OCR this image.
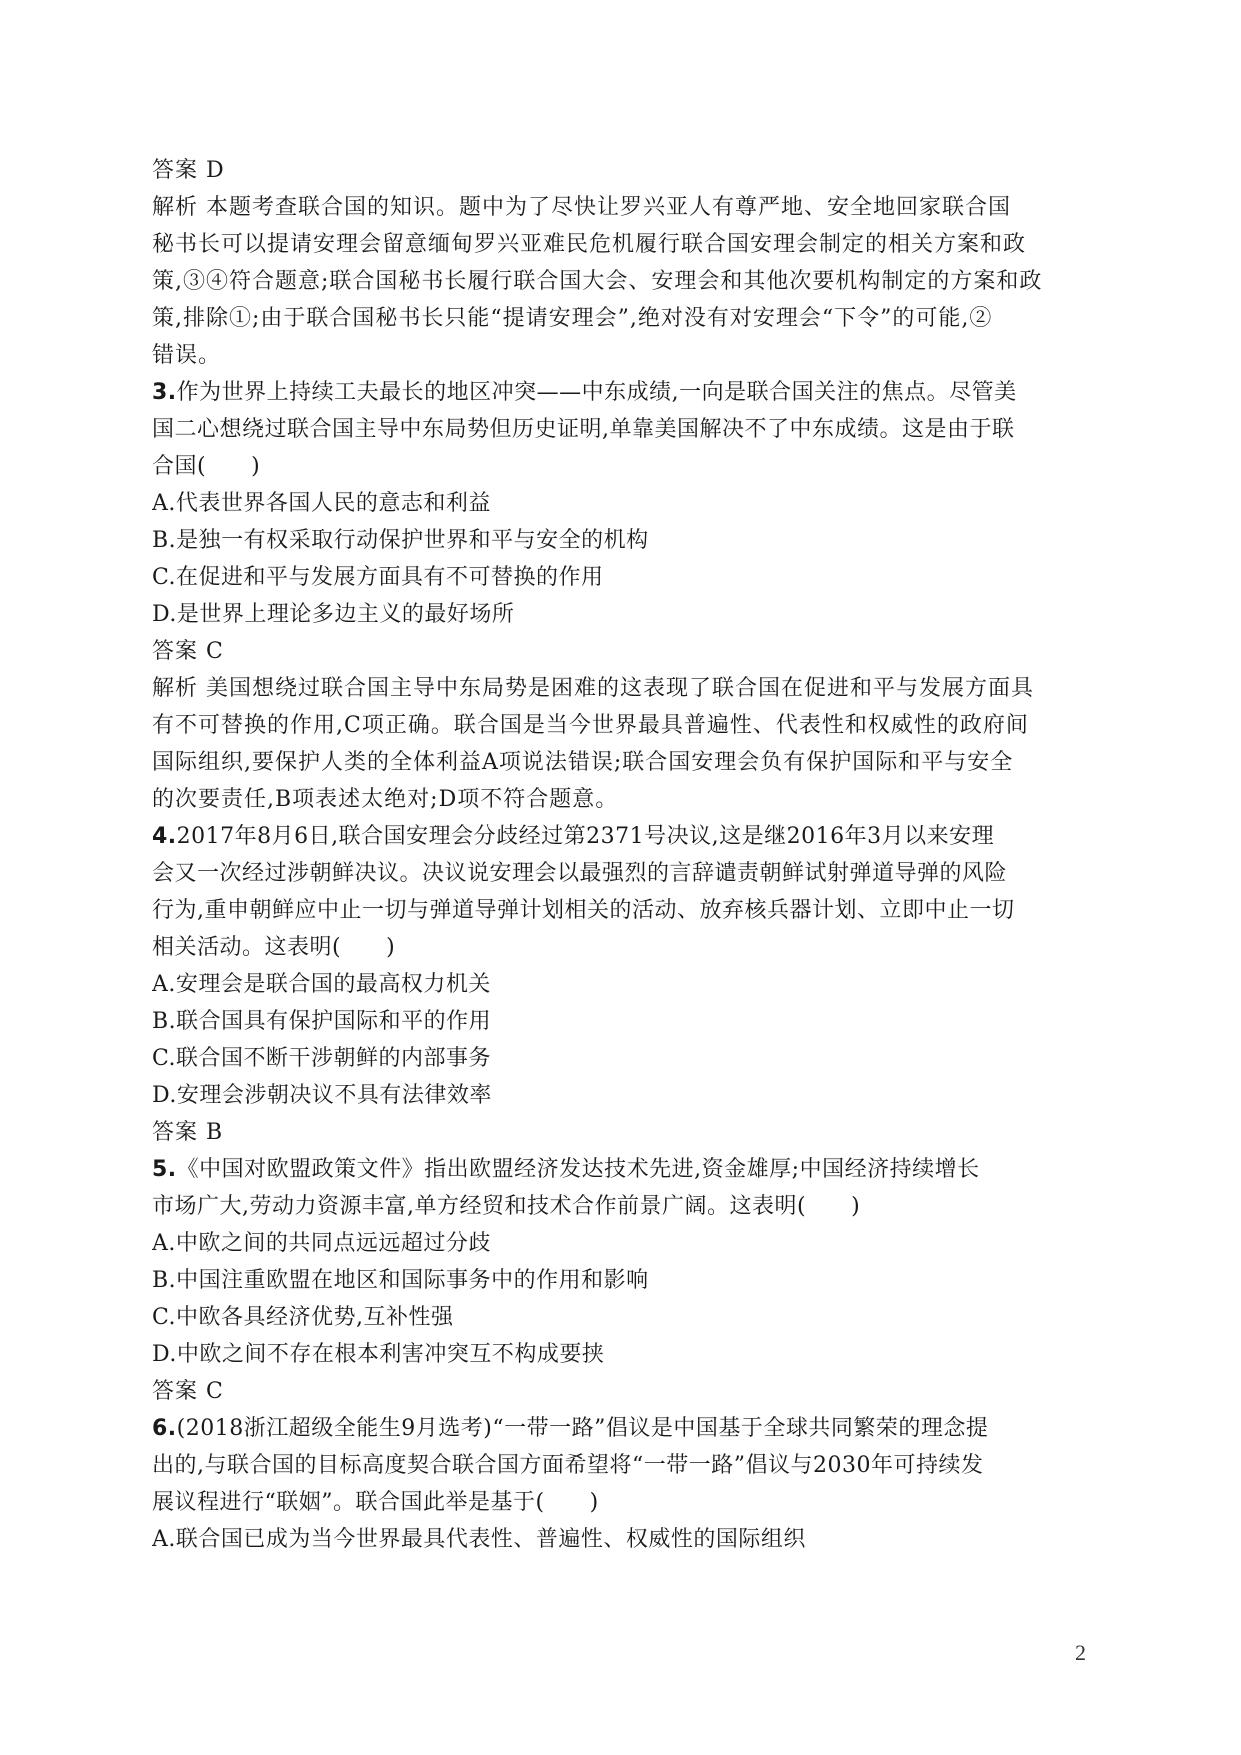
答案 D
解析 本题考查联合国的知识。题中为了尽快让罗兴亚人有尊严地、安全地回家联合国
秘书长可以提请安理会留意缅甸罗兴亚难民危机履行联合国安理会制定的相关方案和政
策,③④符合题意;联合国秘书长履行联合国大会、安理会和其他次要机构制定的方案和政
策,排除①;由于联合国秘书长只能“提请安理会”,绝对没有对安理会“下令”的可能,②
错误。
3.作为世界上持续工夫最长的地区冲突——中东成绩,一向是联合国关注的焦点。尽管美
国二心想绕过联合国主导中东局势但历史证明,单靠美国解决不了中东成绩。这是由于联
合国(　　)
A.代表世界各国人民的意志和利益
B.是独一有权采取行动保护世界和平与安全的机构
C.在促进和平与发展方面具有不可替换的作用
D.是世界上理论多边主义的最好场所
答案 C
解析 美国想绕过联合国主导中东局势是困难的这表现了联合国在促进和平与发展方面具
有不可替换的作用,C项正确。联合国是当今世界最具普遍性、代表性和权威性的政府间
国际组织,要保护人类的全体利益A项说法错误;联合国安理会负有保护国际和平与安全
的次要责任,B项表述太绝对;D项不符合题意。
4.2017年8月6日,联合国安理会分歧经过第2371号决议,这是继2016年3月以来安理
会又一次经过涉朝鲜决议。决议说安理会以最强烈的言辞谴责朝鲜试射弹道导弹的风险
行为,重申朝鲜应中止一切与弹道导弹计划相关的活动、放弃核兵器计划、立即中止一切
相关活动。这表明(　　)
A.安理会是联合国的最高权力机关
B.联合国具有保护国际和平的作用
C.联合国不断干涉朝鲜的内部事务
D.安理会涉朝决议不具有法律效率
答案 B
5.《中国对欧盟政策文件》指出欧盟经济发达技术先进,资金雄厚;中国经济持续增长
市场广大,劳动力资源丰富,单方经贸和技术合作前景广阔。这表明(　　)
A.中欧之间的共同点远远超过分歧
B.中国注重欧盟在地区和国际事务中的作用和影响
C.中欧各具经济优势,互补性强
D.中欧之间不存在根本利害冲突互不构成要挟
答案 C
6.(2018浙江超级全能生9月选考)“一带一路”倡议是中国基于全球共同繁荣的理念提
出的,与联合国的目标高度契合联合国方面希望将“一带一路”倡议与2030年可持续发
展议程进行“联姻”。联合国此举是基于(　　)
A.联合国已成为当今世界最具代表性、普遍性、权威性的国际组织
2
